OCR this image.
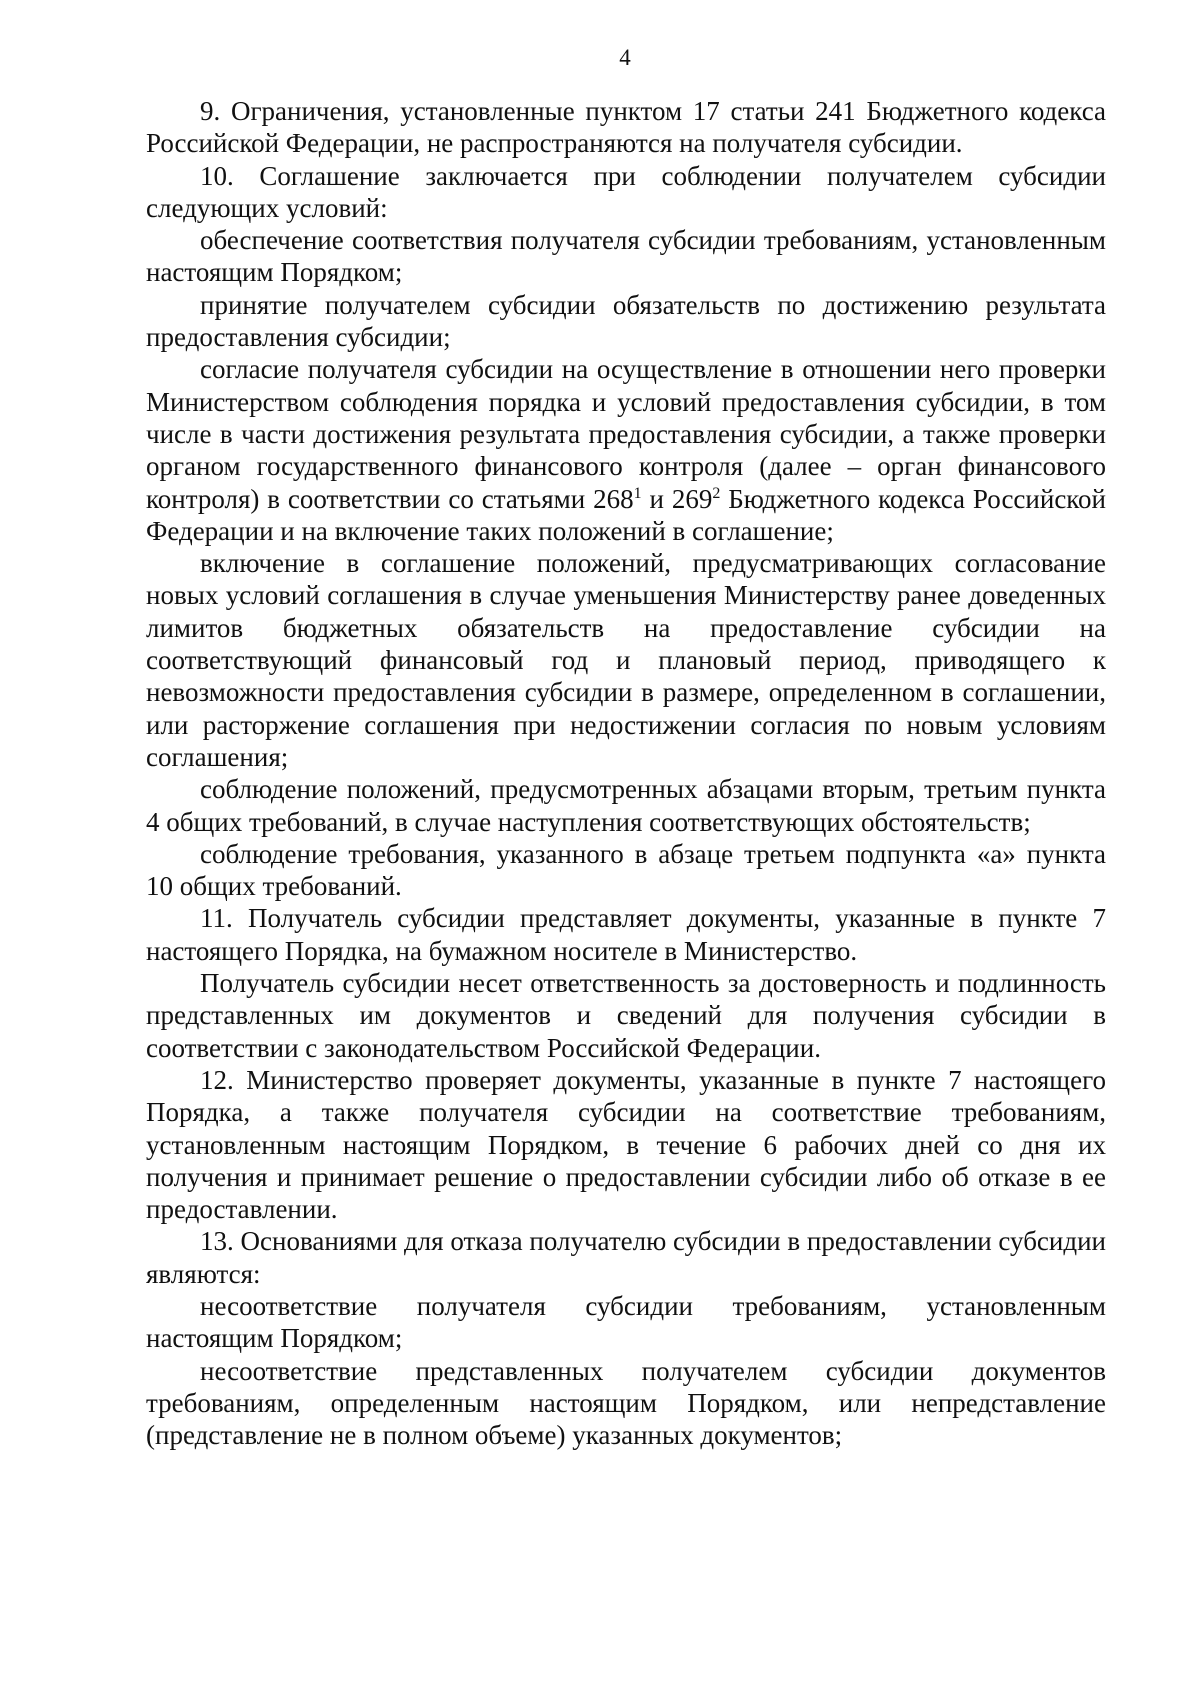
4

9. Ограничения, установленные пунктом 17 статьи 241 Бюджетного кодекса Российской Федерации, не распространяются на получателя субсидии.

10. Соглашение заключается при соблюдении получателем субсидии следующих условий:

обеспечение соответствия получателя субсидии требованиям, установленным настоящим Порядком;

принятие получателем субсидии обязательств по достижению результата предоставления субсидии;

согласие получателя субсидии на осуществление в отношении него проверки Министерством соблюдения порядка и условий предоставления субсидии, в том числе в части достижения результата предоставления субсидии, а также проверки органом государственного финансового контроля (далее – орган финансового контроля) в соответствии со статьями $268^1$ и $269^2$ Бюджетного кодекса Российской Федерации и на включение таких положений в соглашение;

включение в соглашение положений, предусматривающих согласование новых условий соглашения в случае уменьшения Министерству ранее доведенных лимитов бюджетных обязательств на предоставление субсидии на соответствующий финансовый год и плановый период, приводящего к невозможности предоставления субсидии в размере, определенном в соглашении, или расторжение соглашения при недостижении согласия по новым условиям соглашения;

соблюдение положений, предусмотренных абзацами вторым, третьим пункта 4 общих требований, в случае наступления соответствующих обстоятельств;

соблюдение требования, указанного в абзаце третьем подпункта «а» пункта 10 общих требований.

11. Получатель субсидии представляет документы, указанные в пункте 7 настоящего Порядка, на бумажном носителе в Министерство.

Получатель субсидии несет ответственность за достоверность и подлинность представленных им документов и сведений для получения субсидии в соответствии с законодательством Российской Федерации.

12. Министерство проверяет документы, указанные в пункте 7 настоящего Порядка, а также получателя субсидии на соответствие требованиям, установленным настоящим Порядком, в течение 6 рабочих дней со дня их получения и принимает решение о предоставлении субсидии либо об отказе в ее предоставлении.

13. Основаниями для отказа получателю субсидии в предоставлении субсидии являются:

несоответствие получателя субсидии требованиям, установленным настоящим Порядком;

несоответствие представленных получателем субсидии документов требованиям, определенным настоящим Порядком, или непредставление (представление не в полном объеме) указанных документов;
